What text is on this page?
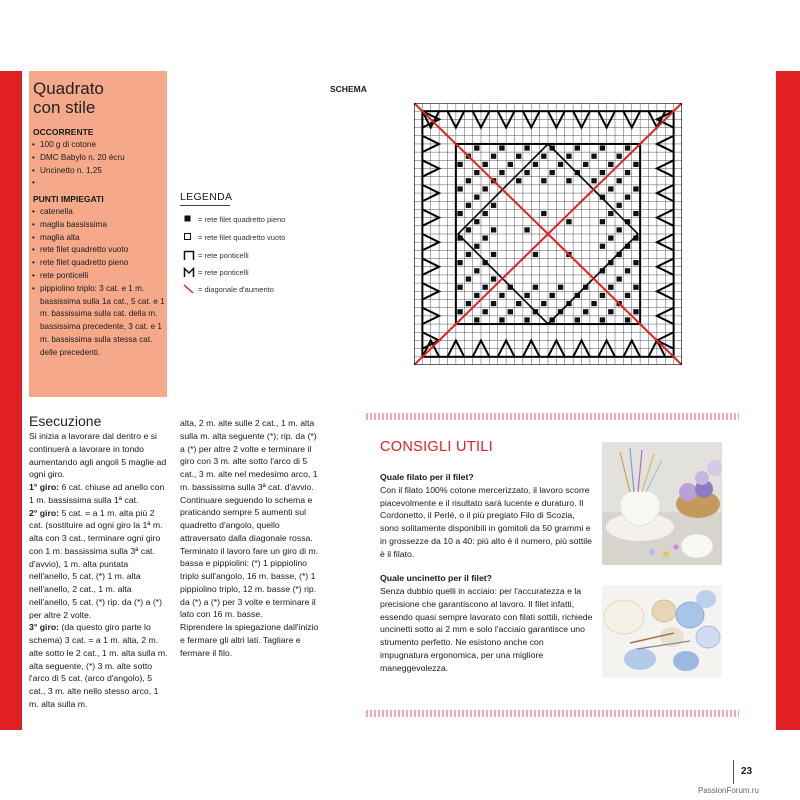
Quadrato
con stile
OCCORRENTE
• 100 g di cotone
• DMC Babylo n. 20 écru
• Uncinetto n. 1,25
•
PUNTI IMPIEGATI
• catenella
• maglia bassissima
• maglia alta
• rete filet quadretto vuoto
• rete filet quadretto pieno
• rete ponticelli
• pippiolino triplo: 3 cat. e 1 m. bassissima sulla 1a cat., 5 cat. e 1 m. bassissima sulla cat. della m. bassissima precedente, 3 cat. e 1 m. bassissima sulla stessa cat. delle precedenti.
LEGENDA
= rete filet quadretto pieno
= rete filet quadretto vuoto
= rete ponticelli
= rete ponticelli
= diagonale d'aumento
SCHEMA
Esecuzione

Si inizia a lavorare dal dentro e si continuerà a lavorare in tondo aumentando agli angoli 5 maglie ad ogni giro.

1° giro: 6 cat. chiuse ad anello con 1 m. bassissima sulla 1ª cat.

2° giro: 5 cat. = a 1 m. alta più 2 cat. (sostituire ad ogni giro la 1ª m. alta con 3 cat., terminare ogni giro con 1 m. bassissima sulla 3ª cat. d'avvio), 1 m. alta puntata nell'anello, 5 cat. (*) 1 m. alta nell'anello, 2 cat., 1 m. alta nell'anello, 5 cat. (*) rip. da (*) a (*) per altre 2 volte.

3° giro: (da questo giro parte lo schema) 3 cat. = a 1 m. alta, 2 m. alte sotto le 2 cat., 1 m. alta sulla m. alta seguente, (*) 3 m. alte sotto l'arco di 5 cat. (arco d'angolo), 5 cat., 3 m. alte nello stesso arco, 1 m. alta sulla m.

alta, 2 m. alte sulle 2 cat., 1 m. alta sulla m. alta seguente (*); rip. da (*) a (*) per altre 2 volte e terminare il giro con 3 m. alte sotto l'arco di 5 cat., 3 m. alte nel medesimo arco, 1 m. bassissima sulla 3ª cat. d'avvio.

Continuare seguendo lo schema e praticando sempre 5 aumenti sul quadretto d'angolo, quello attraversato dalla diagonale rossa.

Terminato il lavoro fare un giro di m. bassa e pippiolini: (*) 1 pippiolino triplo sull'angolo, 16 m. basse, (*) 1 pippiolino triplo, 12 m. basse (*) rip. da (*) a (*) per 3 volte e terminare il lato con 16 m. basse.

Riprendere la spiegazione dall'inizio e fermare gli altri lati. Tagliare e fermare il filo.

CONSIGLI UTILI

Quale filato per il filet?

Con il filato 100% cotone mercerizzato, il lavoro scorre piacevolmente e il risultato sarà lucente e duraturo. Il Cordonetto, il Perlé, o il più pregiato Filo di Scozia, sono solitamente disponibili in gomitoli da 50 grammi e in grossezze da 10 a 40: più alto è il numero, più sottile è il filato.

Quale uncinetto per il filet?

Senza dubbio quelli in acciaio: per l'accuratezza e la precisione che garantiscono al lavoro. Il filet infatti, essendo quasi sempre lavorato con filati sottili, richiede uncinetti sotto ai 2 mm e solo l'acciaio garantisce uno strumento perfetto. Ne esistono anche con impugnatura ergonomica, per una migliore maneggevolezza.

23
PassionForum.ru
